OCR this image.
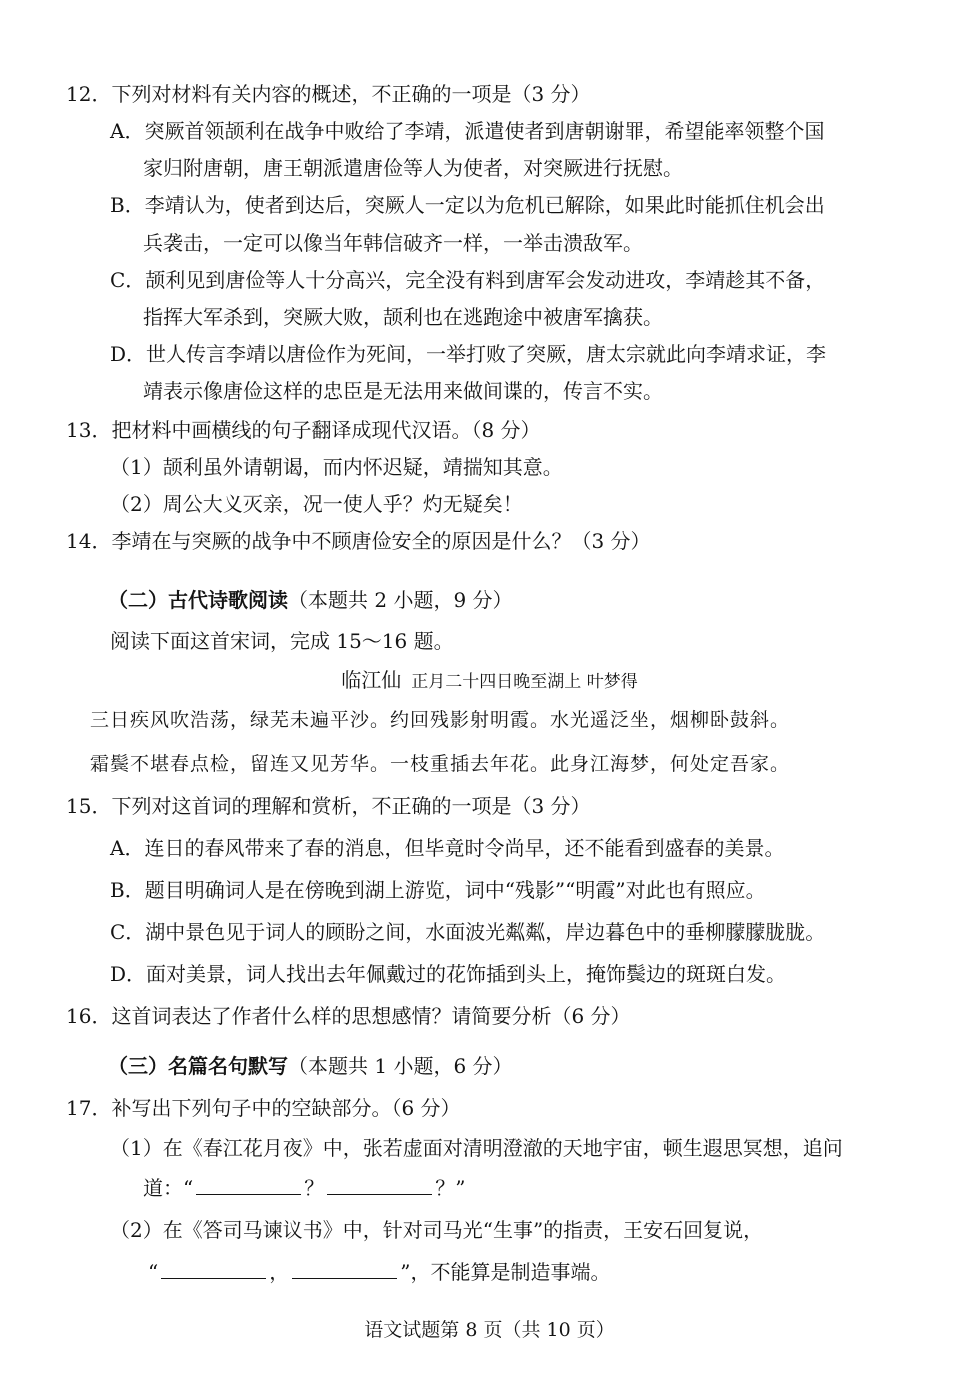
12．下列对材料有关内容的概述，不正确的一项是（3 分）
A．突厥首领颉利在战争中败给了李靖，派遣使者到唐朝谢罪，希望能率领整个国
家归附唐朝，唐王朝派遣唐俭等人为使者，对突厥进行抚慰。
B．李靖认为，使者到达后，突厥人一定以为危机已解除，如果此时能抓住机会出
兵袭击，一定可以像当年韩信破齐一样，一举击溃敌军。
C．颉利见到唐俭等人十分高兴，完全没有料到唐军会发动进攻，李靖趁其不备，
指挥大军杀到，突厥大败，颉利也在逃跑途中被唐军擒获。
D．世人传言李靖以唐俭作为死间，一举打败了突厥，唐太宗就此向李靖求证，李
靖表示像唐俭这样的忠臣是无法用来做间谍的，传言不实。
13．把材料中画横线的句子翻译成现代汉语。（8 分）
（1）颉利虽外请朝谒，而内怀迟疑，靖揣知其意。
（2）周公大义灭亲，况一使人乎？灼无疑矣！
14．李靖在与突厥的战争中不顾唐俭安全的原因是什么？（3 分）
（二）古代诗歌阅读（本题共 2 小题，9 分）
阅读下面这首宋词，完成 15～16 题。
临江仙 正月二十四日晚至湖上 叶梦得
三日疾风吹浩荡，绿芜未遍平沙。约回残影射明霞。水光遥泛坐，烟柳卧鼓斜。
霜鬓不堪春点检，留连又见芳华。一枝重插去年花。此身江海梦，何处定吾家。
15．下列对这首词的理解和赏析，不正确的一项是（3 分）
A．连日的春风带来了春的消息，但毕竟时令尚早，还不能看到盛春的美景。
B．题目明确词人是在傍晚到湖上游览，词中“残影”“明霞”对此也有照应。
C．湖中景色见于词人的顾盼之间，水面波光粼粼，岸边暮色中的垂柳朦朦胧胧。
D．面对美景，词人找出去年佩戴过的花饰插到头上，掩饰鬓边的斑斑白发。
16．这首词表达了作者什么样的思想感情？请简要分析（6 分）
（三）名篇名句默写（本题共 1 小题，6 分）
17．补写出下列句子中的空缺部分。（6 分）
（1）在《春江花月夜》中，张若虚面对清明澄澈的天地宇宙，顿生遐思冥想，追问
道：“	？	？”
（2）在《答司马谏议书》中，针对司马光“生事”的指责，王安石回复说，
“	，	”，不能算是制造事端。
语文试题第 8 页（共 10 页）
